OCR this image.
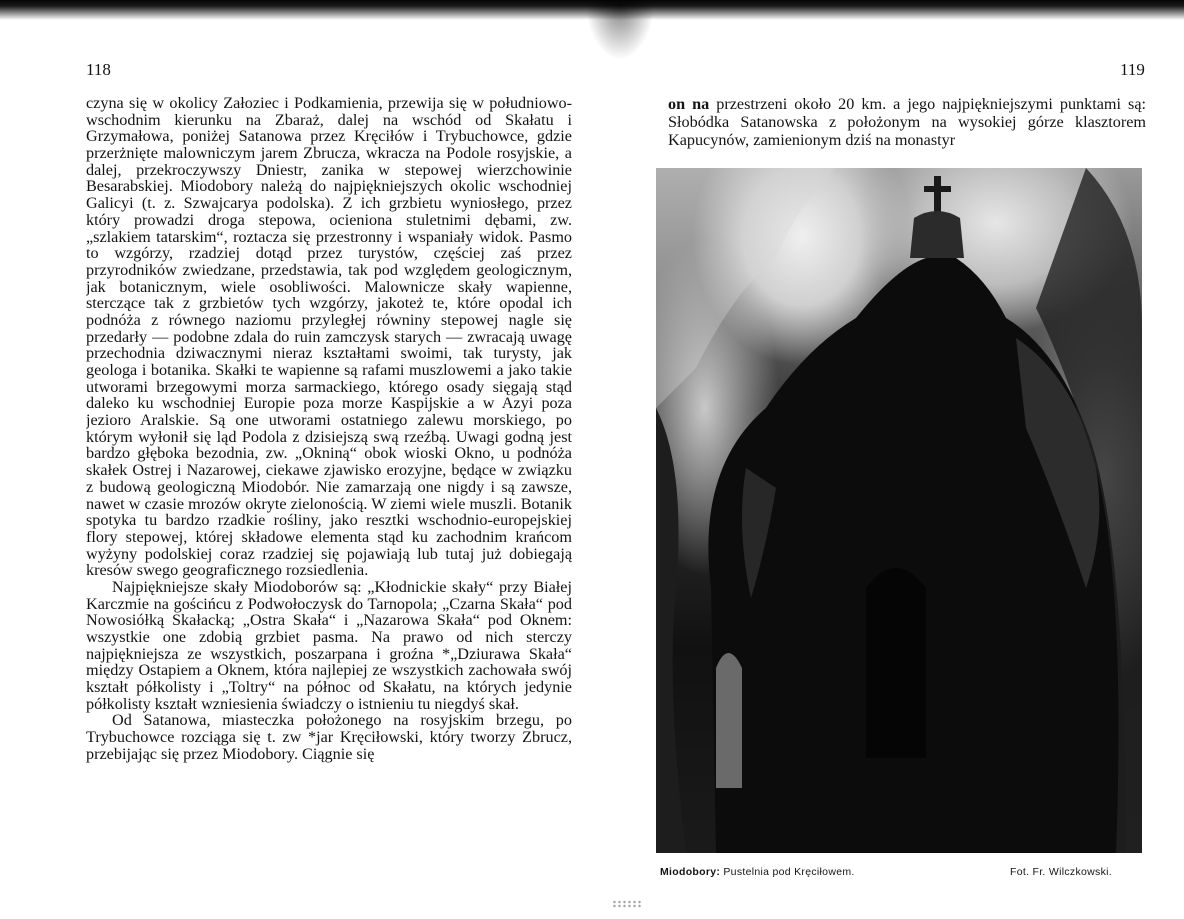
118

czyna się w okolicy Załoziec i Podkamienia, przewija się w południowo-wschodnim kierunku na Zbaraż, dalej na wschód od Skałatu i Grzymałowa, poniżej Satanowa przez Kręciłów i Trybuchowce, gdzie przerżnięte malowniczym jarem Zbrucza, wkracza na Podole rosyjskie, a dalej, przekroczywszy Dniestr, zanika w stepowej wierzchowinie Besarabskiej. Miodobory należą do najpiękniejszych okolic wschodniej Galicyi (t. z. Szwajcarya podolska). Z ich grzbietu wyniosłego, przez który prowadzi droga stepowa, ocieniona stuletnimi dębami, zw. „szlakiem tatarskim“, roztacza się przestronny i wspaniały widok. Pasmo to wzgórzy, rzadziej dotąd przez turystów, częściej zaś przez przyrodników zwiedzane, przedstawia, tak pod względem geologicznym, jak botanicznym, wiele osobliwości. Malownicze skały wapienne, sterczące tak z grzbietów tych wzgórzy, jakoteż te, które opodal ich podnóża z równego naziomu przyległej równiny stepowej nagle się przedarły — podobne zdala do ruin zamczysk starych — zwracają uwagę przechodnia dziwacznymi nieraz kształtami swoimi, tak turysty, jak geologa i botanika. Skałki te wapienne są rafami muszlowemi a jako takie utworami brzegowymi morza sarmackiego, którego osady sięgają stąd daleko ku wschodniej Europie poza morze Kaspijskie a w Azyi poza jezioro Aralskie. Są one utworami ostatniego zalewu morskiego, po którym wyłonił się ląd Podola z dzisiejszą swą rzeźbą. Uwagi godną jest bardzo głęboka bezodnia, zw. „Okniną“ obok wioski Okno, u podnóża skałek Ostrej i Nazarowej, ciekawe zjawisko erozyjne, będące w związku z budową geologiczną Miodobór. Nie zamarzają one nigdy i są zawsze, nawet w czasie mrozów okryte zielonością. W ziemi wiele muszli. Botanik spotyka tu bardzo rzadkie rośliny, jako resztki wschodnio-europejskiej flory stepowej, której składowe elementa stąd ku zachodnim krańcom wyżyny podolskiej coraz rzadziej się pojawiają lub tutaj już dobiegają kresów swego geograficznego rozsiedlenia.

Najpiękniejsze skały Miodoborów są: „Kłodnickie skały“ przy Białej Karczmie na gościńcu z Podwołoczysk do Tarnopola; „Czarna Skała“ pod Nowosiółką Skałacką; „Ostra Skała“ i „Nazarowa Skała“ pod Oknem: wszystkie one zdobią grzbiet pasma. Na prawo od nich sterczy najpiękniejsza ze wszystkich, poszarpana i groźna *„Dziurawa Skała“ między Ostapiem a Oknem, która najlepiej ze wszystkich zachowała swój kształt półkolisty i „Toltry“ na północ od Skałatu, na których jedynie półkolisty kształt wzniesienia świadczy o istnieniu tu niegdyś skał.

Od Satanowa, miasteczka położonego na rosyjskim brzegu, po Trybuchowce rozciąga się t. zw *jar Kręciłowski, który tworzy Zbrucz, przebijając się przez Miodobory. Ciągnie się

119

on na przestrzeni około 20 km. a jego najpiękniejszymi punktami są: Słobódka Satanowska z położonym na wysokiej górze klasztorem Kapucynów, zamienionym dziś na monastyr

Miodobory: Pustelnia pod Kręciłowem.	Fot. Fr. Wilczkowski.
